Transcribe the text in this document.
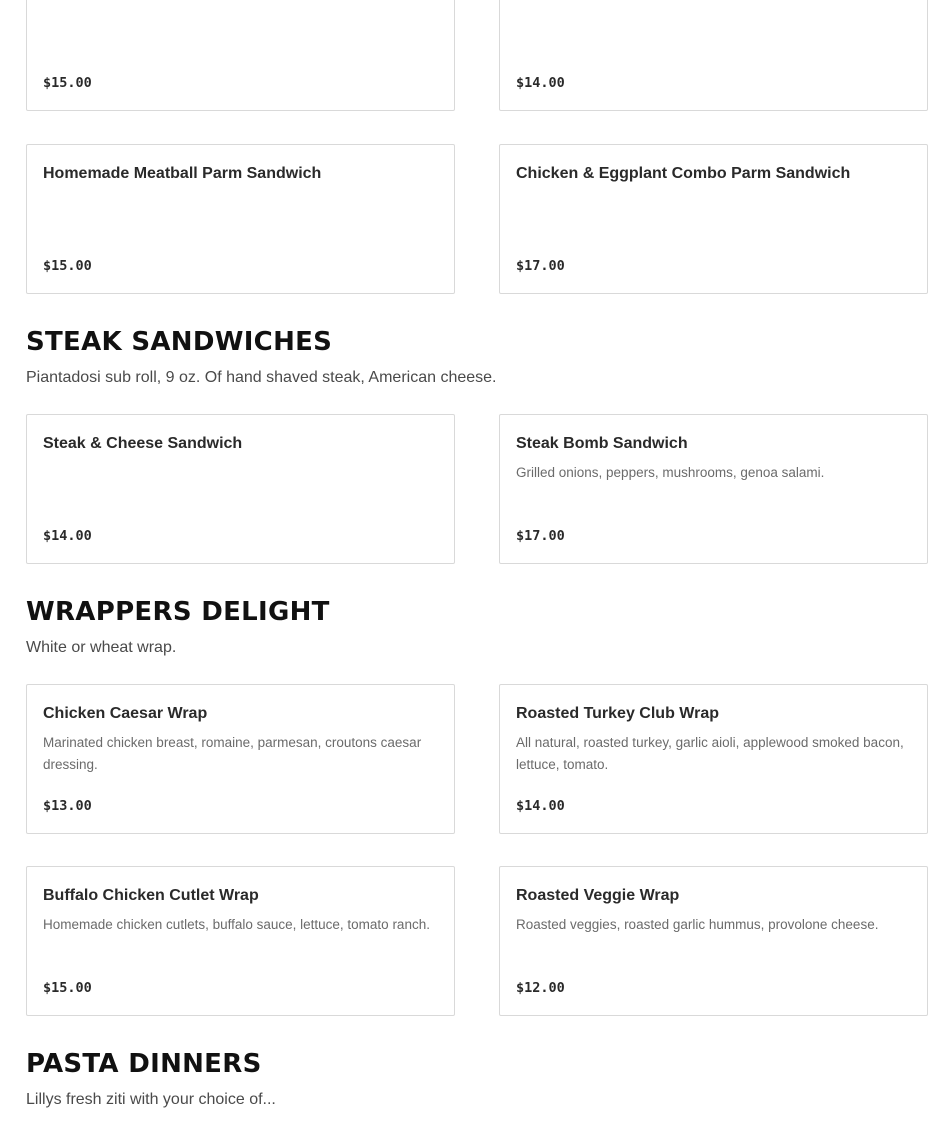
$15.00	$14.00
Homemade Meatball Parm Sandwich
$15.00
Chicken & Eggplant Combo Parm Sandwich
$17.00
STEAK SANDWICHES

Piantadosi sub roll, 9 oz. Of hand shaved steak, American cheese.

Steak & Cheese Sandwich
$14.00
Steak Bomb Sandwich
Grilled onions, peppers, mushrooms, genoa salami.
$17.00
WRAPPERS DELIGHT

White or wheat wrap.

Chicken Caesar Wrap
Marinated chicken breast, romaine, parmesan, croutons caesar dressing.
$13.00
Roasted Turkey Club Wrap
All natural, roasted turkey, garlic aioli, applewood smoked bacon, lettuce, tomato.
$14.00
Buffalo Chicken Cutlet Wrap
Homemade chicken cutlets, buffalo sauce, lettuce, tomato ranch.
$15.00
Roasted Veggie Wrap
Roasted veggies, roasted garlic hummus, provolone cheese.
$12.00
PASTA DINNERS

Lillys fresh ziti with your choice of...
